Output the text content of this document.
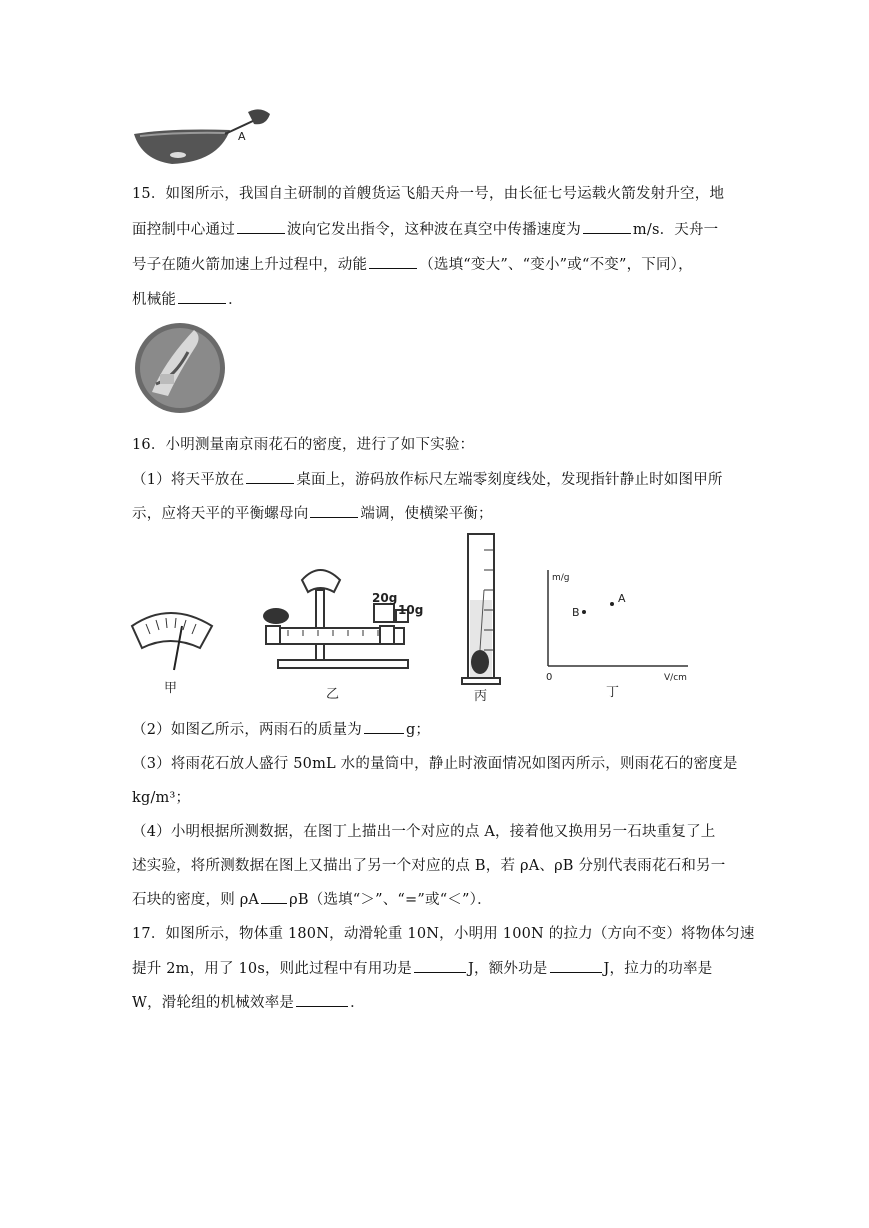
A
15．如图所示，我国自主研制的首艘货运飞船天舟一号，由长征七号运载火箭发射升空，地
面控制中心通过	波向它发出指令，这种波在真空中传播速度为	m/s．天舟一
号子在随火箭加速上升过程中，动能	（选填“变大”、“变小”或“不变”，下同），
机械能	．
16．小明测量南京雨花石的密度，进行了如下实验：
（1）将天平放在	桌面上，游码放作标尺左端零刻度线处，发现指针静止时如图甲所
示，应将天平的平衡螺母向	端调，使横梁平衡；
甲
20g
10g
乙	丙
m/g
V/cm
0
A
B
丁
（2）如图乙所示，两雨石的质量为	g；
（3）将雨花石放人盛行 50mL 水的量筒中，静止时液面情况如图丙所示，则雨花石的密度是
kg/m³；
（4）小明根据所测数据，在图丁上描出一个对应的点 A，接着他又换用另一石块重复了上
述实验，将所测数据在图上又描出了另一个对应的点 B，若 ρA、ρB 分别代表雨花石和另一
石块的密度，则 ρA ρB（选填“＞”、“=”或“＜”）．
17．如图所示，物体重 180N，动滑轮重 10N，小明用 100N 的拉力（方向不变）将物体匀速
提升 2m，用了 10s，则此过程中有用功是	J，额外功是	J，拉力的功率是
W，滑轮组的机械效率是	．
